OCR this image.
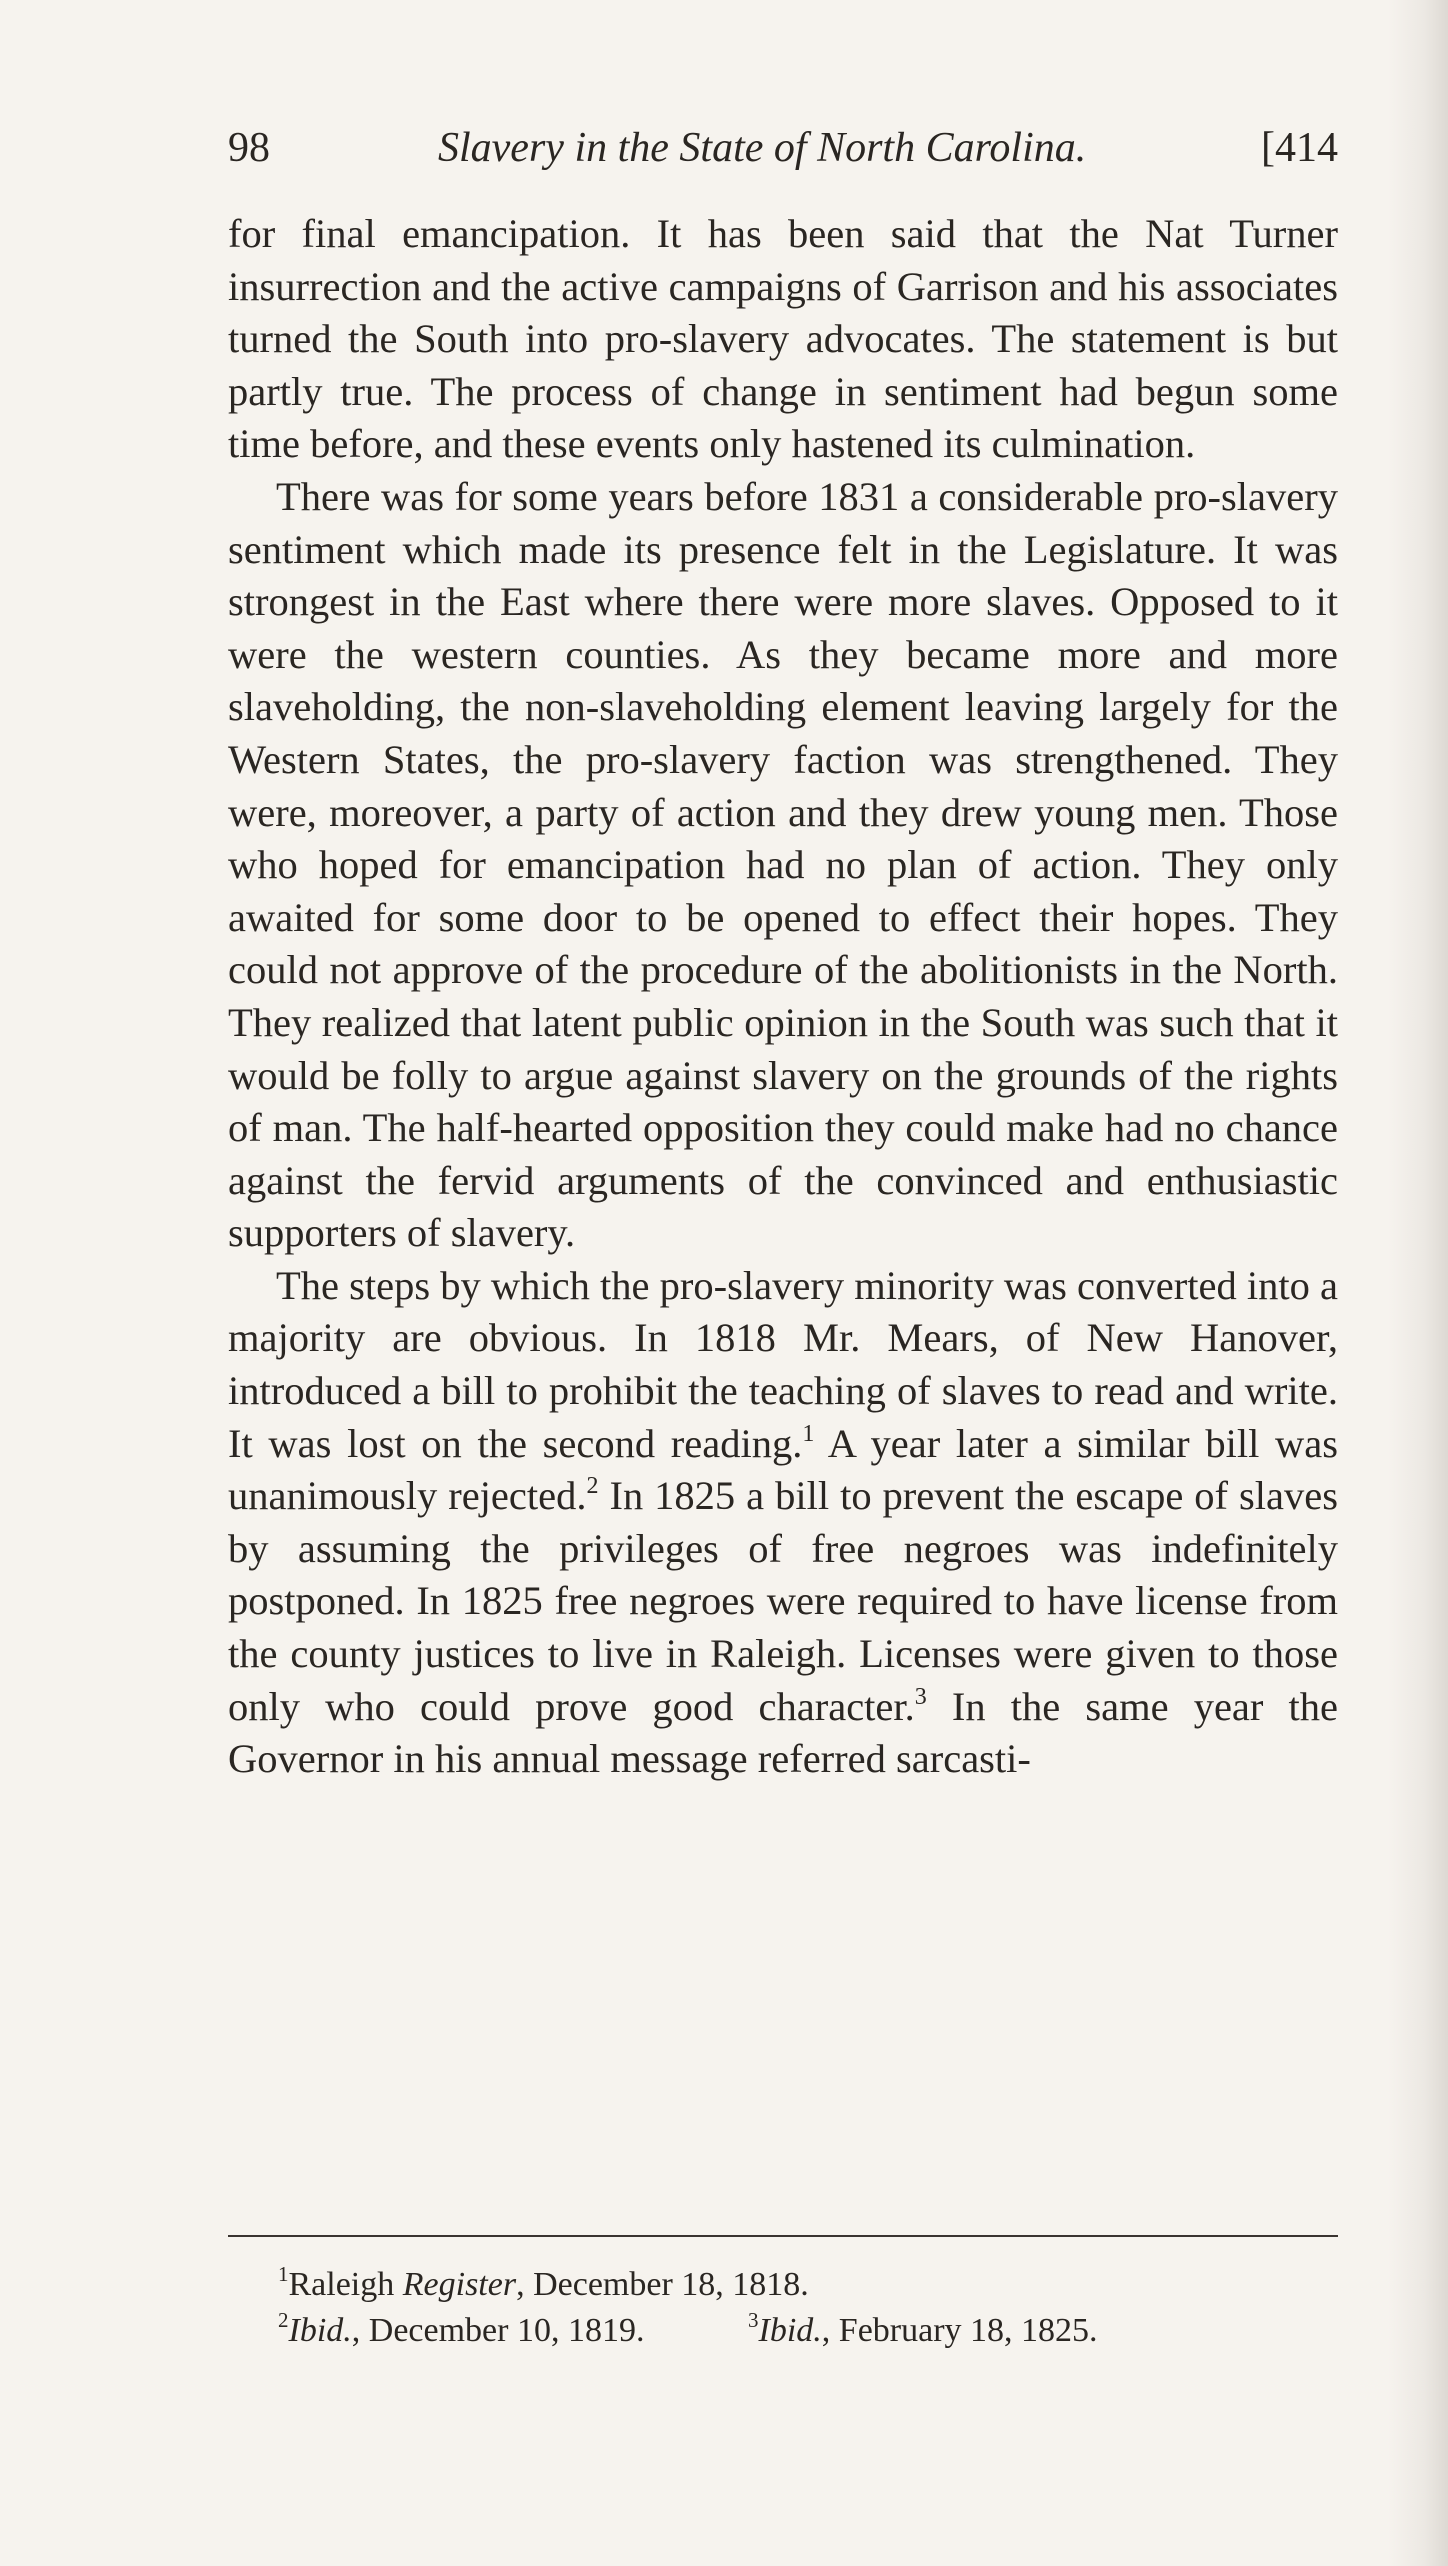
98	Slavery in the State of North Carolina.	[414

for final emancipation. It has been said that the Nat Turner insurrection and the active campaigns of Garrison and his associates turned the South into pro-slavery advocates. The statement is but partly true. The process of change in sentiment had begun some time before, and these events only hastened its culmination.

There was for some years before 1831 a considerable pro-slavery sentiment which made its presence felt in the Legislature. It was strongest in the East where there were more slaves. Opposed to it were the western counties. As they became more and more slaveholding, the non-slaveholding element leaving largely for the Western States, the pro-slavery faction was strengthened. They were, moreover, a party of action and they drew young men. Those who hoped for emancipation had no plan of action. They only awaited for some door to be opened to effect their hopes. They could not approve of the procedure of the abolitionists in the North. They realized that latent public opinion in the South was such that it would be folly to argue against slavery on the grounds of the rights of man. The half-hearted opposition they could make had no chance against the fervid arguments of the convinced and enthusiastic supporters of slavery.

The steps by which the pro-slavery minority was converted into a majority are obvious. In 1818 Mr. Mears, of New Hanover, introduced a bill to prohibit the teaching of slaves to read and write. It was lost on the second reading.$^1$ A year later a similar bill was unanimously rejected.$^2$ In 1825 a bill to prevent the escape of slaves by assuming the privileges of free negroes was indefinitely postponed. In 1825 free negroes were required to have license from the county justices to live in Raleigh. Licenses were given to those only who could prove good character.$^3$ In the same year the Governor in his annual message referred sarcasti-

$^1$Raleigh Register, December 18, 1818.
$^2$Ibid., December 10, 1819.	$^3$Ibid., February 18, 1825.
